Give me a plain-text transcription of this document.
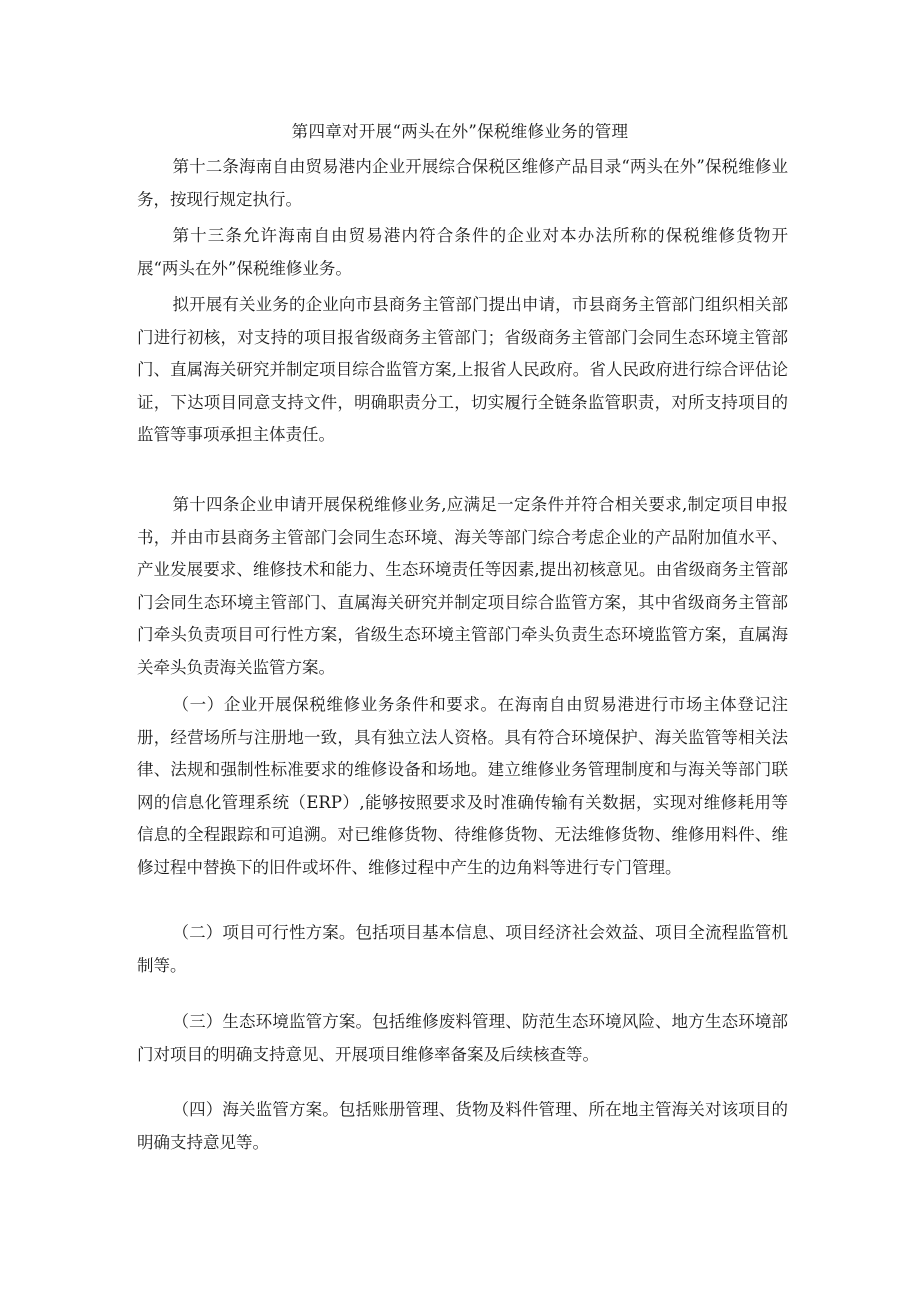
第四章对开展“两头在外”保税维修业务的管理

第十二条海南自由贸易港内企业开展综合保税区维修产品目录“两头在外”保税维修业务，按现行规定执行。

第十三条允许海南自由贸易港内符合条件的企业对本办法所称的保税维修货物开展“两头在外”保税维修业务。

拟开展有关业务的企业向市县商务主管部门提出申请，市县商务主管部门组织相关部门进行初核，对支持的项目报省级商务主管部门；省级商务主管部门会同生态环境主管部门、直属海关研究并制定项目综合监管方案,上报省人民政府。省人民政府进行综合评估论证，下达项目同意支持文件，明确职责分工，切实履行全链条监管职责，对所支持项目的监管等事项承担主体责任。

第十四条企业申请开展保税维修业务,应满足一定条件并符合相关要求,制定项目申报书，并由市县商务主管部门会同生态环境、海关等部门综合考虑企业的产品附加值水平、产业发展要求、维修技术和能力、生态环境责任等因素,提出初核意见。由省级商务主管部门会同生态环境主管部门、直属海关研究并制定项目综合监管方案，其中省级商务主管部门牵头负责项目可行性方案，省级生态环境主管部门牵头负责生态环境监管方案，直属海关牵头负责海关监管方案。

（一）企业开展保税维修业务条件和要求。在海南自由贸易港进行市场主体登记注册，经营场所与注册地一致，具有独立法人资格。具有符合环境保护、海关监管等相关法律、法规和强制性标准要求的维修设备和场地。建立维修业务管理制度和与海关等部门联网的信息化管理系统（ERP）,能够按照要求及时准确传输有关数据，实现对维修耗用等信息的全程跟踪和可追溯。对已维修货物、待维修货物、无法维修货物、维修用料件、维修过程中替换下的旧件或坏件、维修过程中产生的边角料等进行专门管理。

（二）项目可行性方案。包括项目基本信息、项目经济社会效益、项目全流程监管机制等。

（三）生态环境监管方案。包括维修废料管理、防范生态环境风险、地方生态环境部门对项目的明确支持意见、开展项目维修率备案及后续核查等。

（四）海关监管方案。包括账册管理、货物及料件管理、所在地主管海关对该项目的明确支持意见等。
